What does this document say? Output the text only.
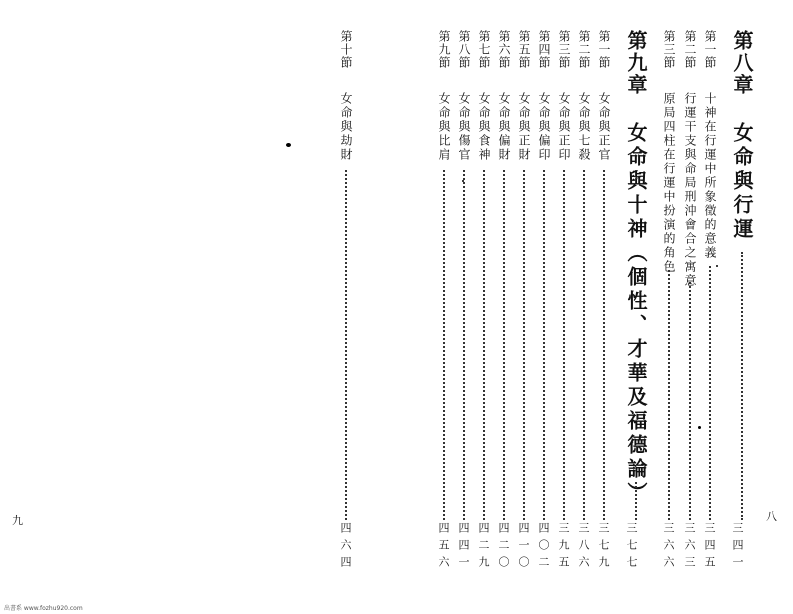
第八章
女命與行運
三四一
第一節
十神在行運中所象徵的意義
三四五
第二節
行運干支與命局刑沖會合之寓意
三六三
第三節
原局四柱在行運中扮演的角色
三六六
第九章
女命與十神︵個性、才華及福德論︶
三七七
第一節
女命與正官
三七九
第二節
女命與七殺
三八六
第三節
女命與正印
三九五
第四節
女命與偏印
四〇二
第五節
女命與正財
四一〇
第六節
女命與偏財
四二〇
第七節
女命與食神
四二九
第八節
女命與傷官
四四一
第九節
女命與比肩
四五六
第十節
女命與劫財
四六四
八
九
出書系 www.fozhu920.com
